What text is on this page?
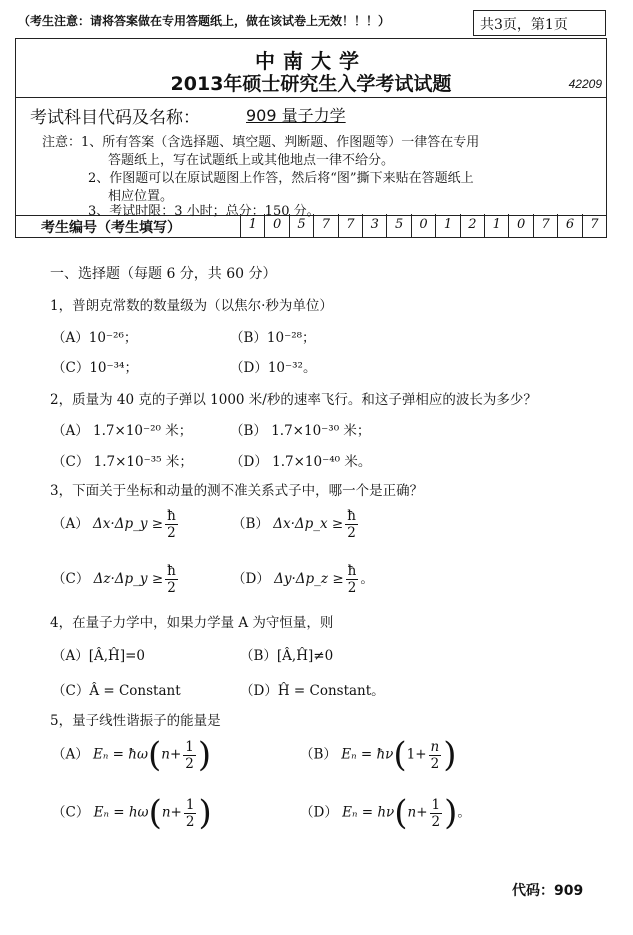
（考生注意：请将答案做在专用答题纸上，做在该试卷上无效！！！）	共3页，第1页
中南大学
2013年硕士研究生入学考试试题	42209
考试科目代码及名称：	909 量子力学
注意：1、所有答案（含选择题、填空题、判断题、作图题等）一律答在专用
答题纸上，写在试题纸上或其他地点一律不给分。
2、作图题可以在原试题图上作答，然后将“图”撕下来贴在答题纸上
相应位置。
3、考试时限：3 小时；总分：150 分。
考生编号（考生填写）	1	0	5	7	7	3	5	0	1	2	1	0	7	6	7
一、选择题（每题 6 分，共 60 分）
1，普朗克常数的数量级为（以焦尔·秒为单位）
（A）10⁻²⁶；	（B）10⁻²⁸；
（C）10⁻³⁴；	（D）10⁻³²。
2，质量为 40 克的子弹以 1000 米/秒的速率飞行。和这子弹相应的波长为多少？
（A） 1.7×10⁻²⁰ 米；	（B） 1.7×10⁻³⁰ 米；
（C） 1.7×10⁻³⁵ 米；	（D） 1.7×10⁻⁴⁰ 米。
3，下面关于坐标和动量的测不准关系式子中，哪一个是正确？
（A） Δx·Δp_y ≥ $\frac{ħ}{2}$	（B） Δx·Δp_x ≥ $\frac{ħ}{2}$
（C） Δz·Δp_y ≥ $\frac{ħ}{2}$	（D） Δy·Δp_z ≥ $\frac{ħ}{2}$ 。
4，在量子力学中，如果力学量 A 为守恒量，则
（A）[Â,Ĥ]=0	（B）[Â,Ĥ]≠0
（C）Â = Constant	（D）Ĥ = Constant。
5，量子线性谐振子的能量是
（A） Eₙ = ħω(n+ $\frac{1}{2}$ )	（B） Eₙ = ħν(1+ $\frac{n}{2}$ )
（C） $E_n = h\omega(n+ \frac{1}{2}$ )	（D） $E_n = h\nu(n+ \frac{1}{2}$ )。
代码：909
